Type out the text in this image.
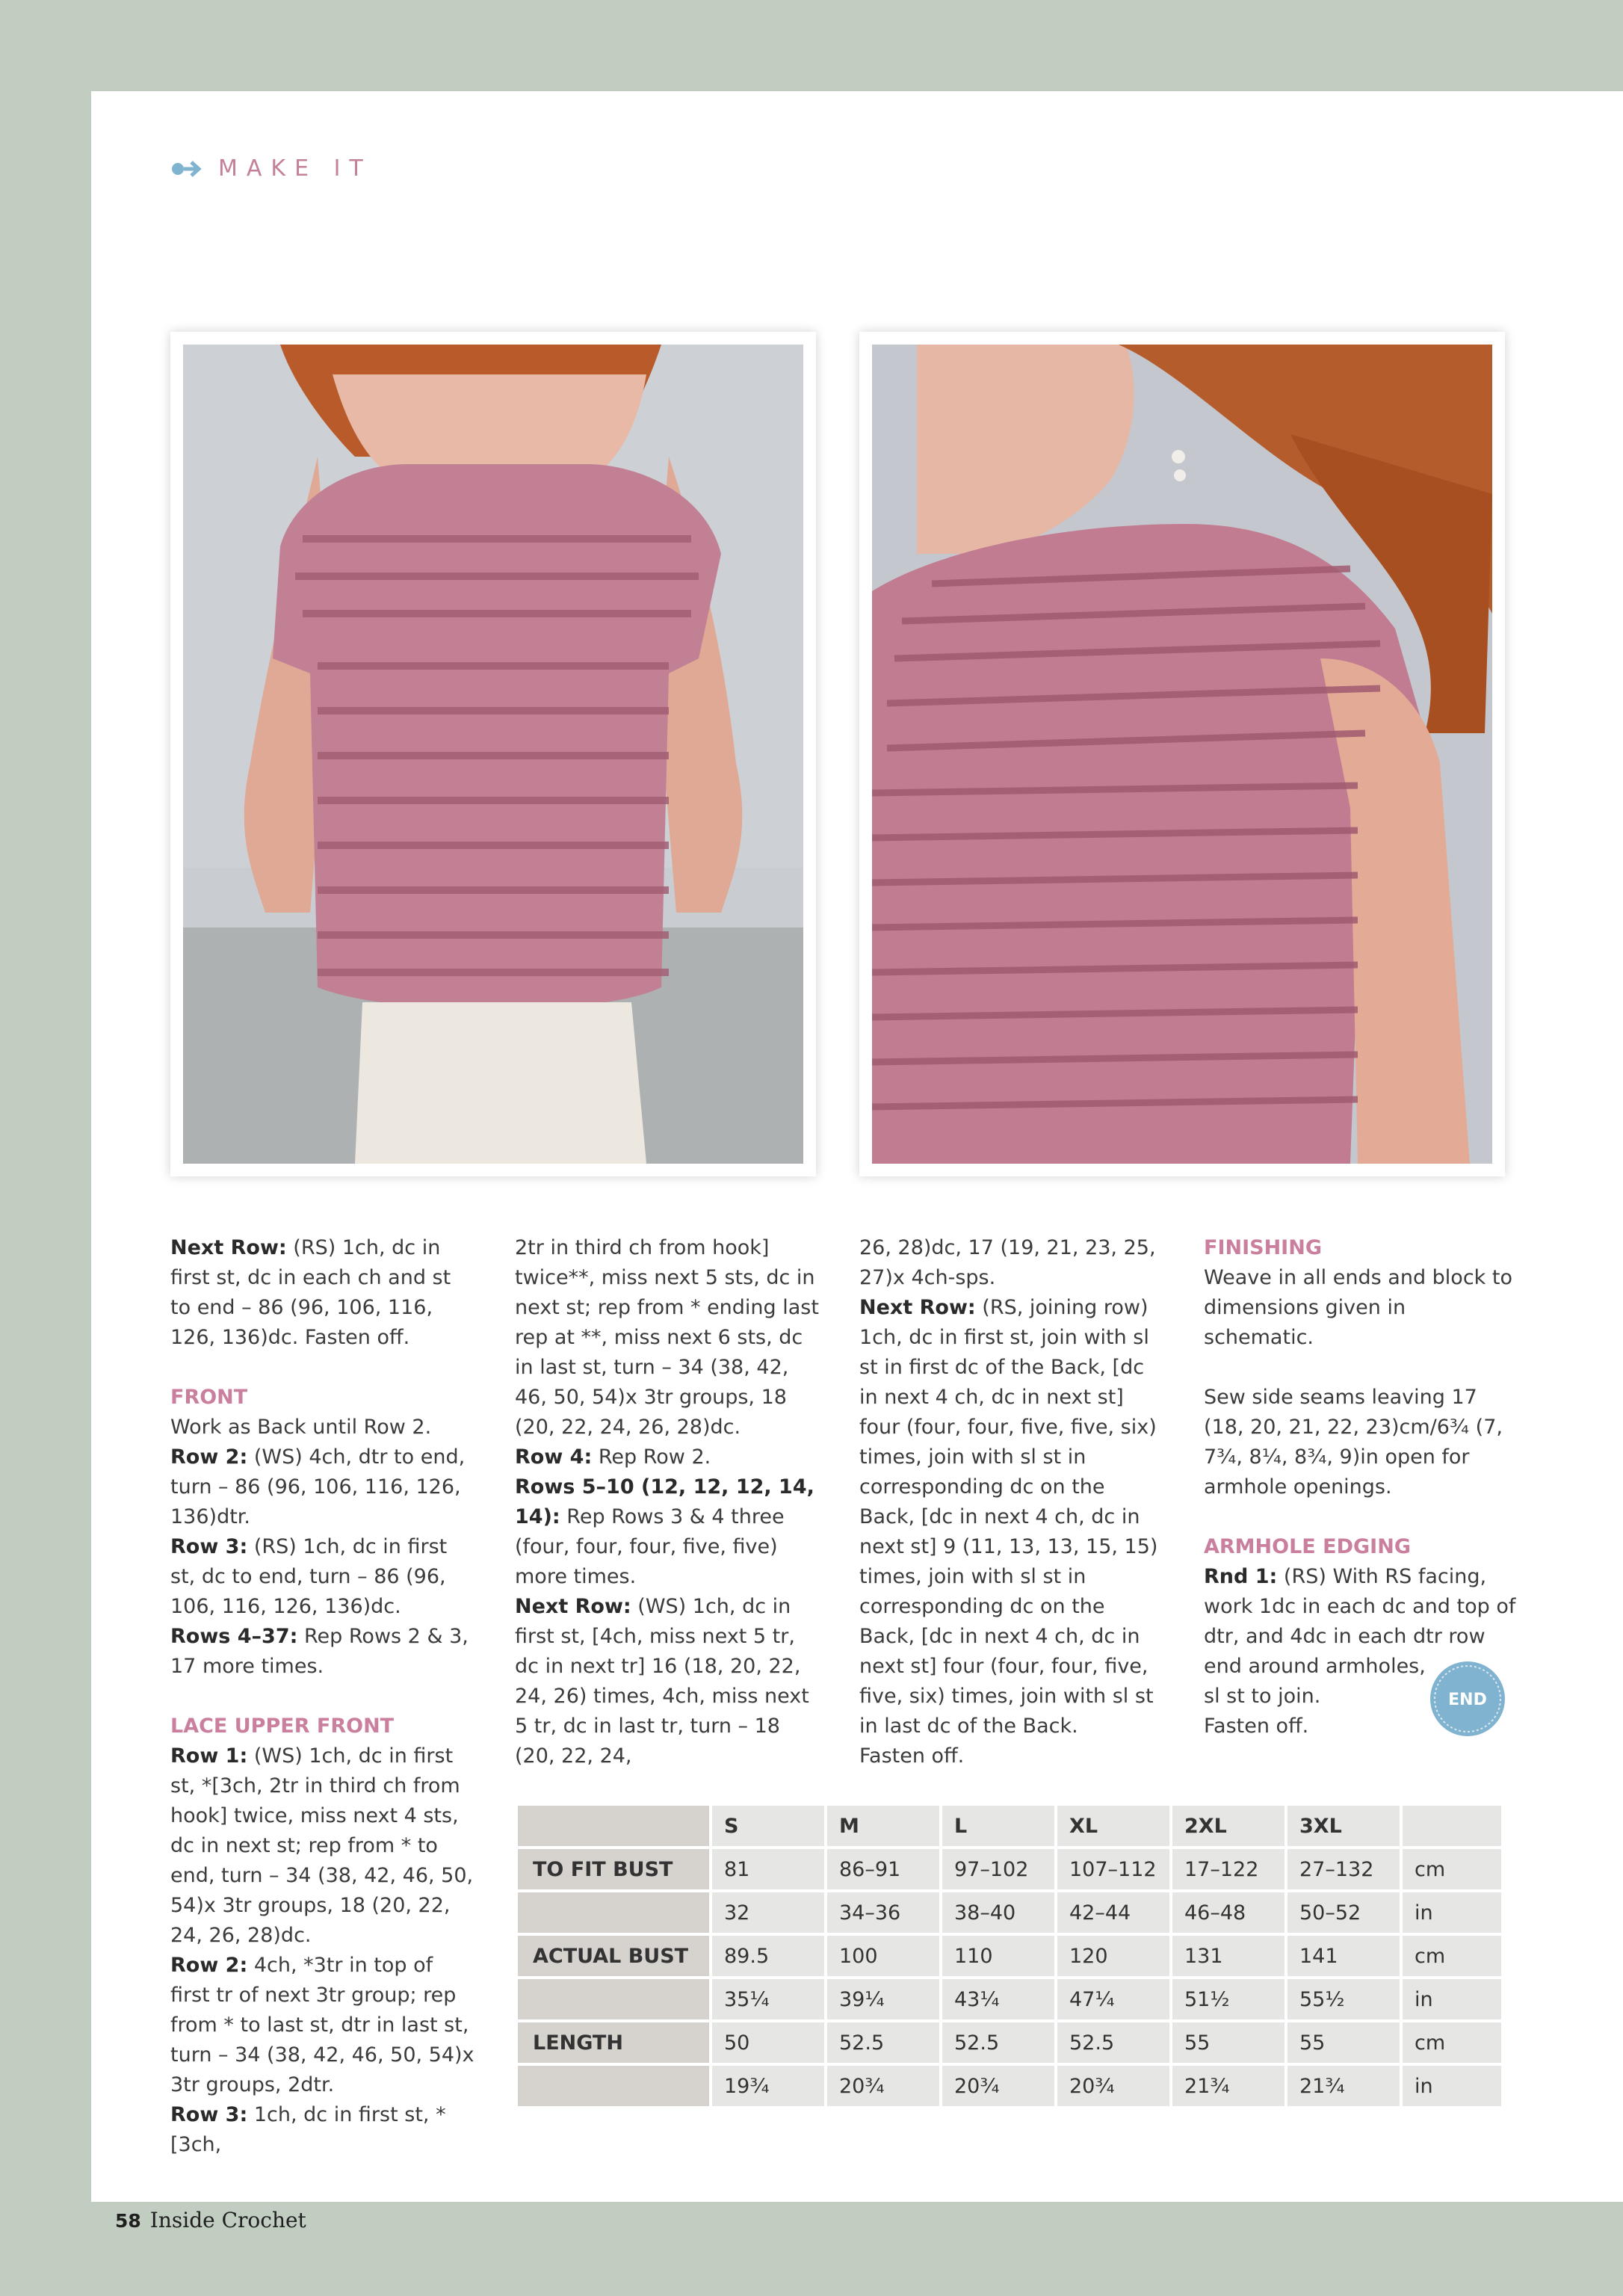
MAKE IT

Next Row: (RS) 1ch, dc in first st, dc in each ch and st to end – 86 (96, 106, 116, 126, 136)dc. Fasten off.

FRONT

Work as Back until Row 2.

Row 2: (WS) 4ch, dtr to end, turn – 86 (96, 106, 116, 126, 136)dtr.

Row 3: (RS) 1ch, dc in first st, dc to end, turn – 86 (96, 106, 116, 126, 136)dc.

Rows 4–37: Rep Rows 2 & 3, 17 more times.

LACE UPPER FRONT

Row 1: (WS) 1ch, dc in first st, *[3ch, 2tr in third ch from hook] twice, miss next 4 sts, dc in next st; rep from * to end, turn – 34 (38, 42, 46, 50, 54)x 3tr groups, 18 (20, 22, 24, 26, 28)dc.

Row 2: 4ch, *3tr in top of first tr of next 3tr group; rep from * to last st, dtr in last st, turn – 34 (38, 42, 46, 50, 54)x 3tr groups, 2dtr.

Row 3: 1ch, dc in first st, *[3ch,

2tr in third ch from hook] twice**, miss next 5 sts, dc in next st; rep from * ending last rep at **, miss next 6 sts, dc in last st, turn – 34 (38, 42, 46, 50, 54)x 3tr groups, 18 (20, 22, 24, 26, 28)dc.

Row 4: Rep Row 2.

Rows 5–10 (12, 12, 12, 14, 14): Rep Rows 3 & 4 three (four, four, four, five, five) more times.

Next Row: (WS) 1ch, dc in first st, [4ch, miss next 5 tr, dc in next tr] 16 (18, 20, 22, 24, 26) times, 4ch, miss next 5 tr, dc in last tr, turn – 18 (20, 22, 24,

26, 28)dc, 17 (19, 21, 23, 25, 27)x 4ch-sps.

Next Row: (RS, joining row) 1ch, dc in first st, join with sl st in first dc of the Back, [dc in next 4 ch, dc in next st] four (four, four, five, five, six) times, join with sl st in corresponding dc on the Back, [dc in next 4 ch, dc in next st] 9 (11, 13, 13, 15, 15) times, join with sl st in corresponding dc on the Back, [dc in next 4 ch, dc in next st] four (four, four, five, five, six) times, join with sl st in last dc of the Back.

Fasten off.

FINISHING

Weave in all ends and block to dimensions given in schematic.

Sew side seams leaving 17 (18, 20, 21, 22, 23)cm/6¾ (7, 7¾, 8¼, 8¾, 9)in open for armhole openings.

ARMHOLE EDGING

Rnd 1: (RS) With RS facing, work 1dc in each dc and top of dtr, and 4dc in each dtr row end around armholes,

sl st to join.

Fasten off.

END
	S	M	L	XL	2XL	3XL	
TO FIT BUST	81	86–91	97–102	107–112	17–122	27–132	cm
	32	34–36	38–40	42–44	46–48	50–52	in
ACTUAL BUST	89.5	100	110	120	131	141	cm
	35¼	39¼	43¼	47¼	51½	55½	in
LENGTH	50	52.5	52.5	52.5	55	55	cm
	19¾	20¾	20¾	20¾	21¾	21¾	in
58 Inside Crochet
